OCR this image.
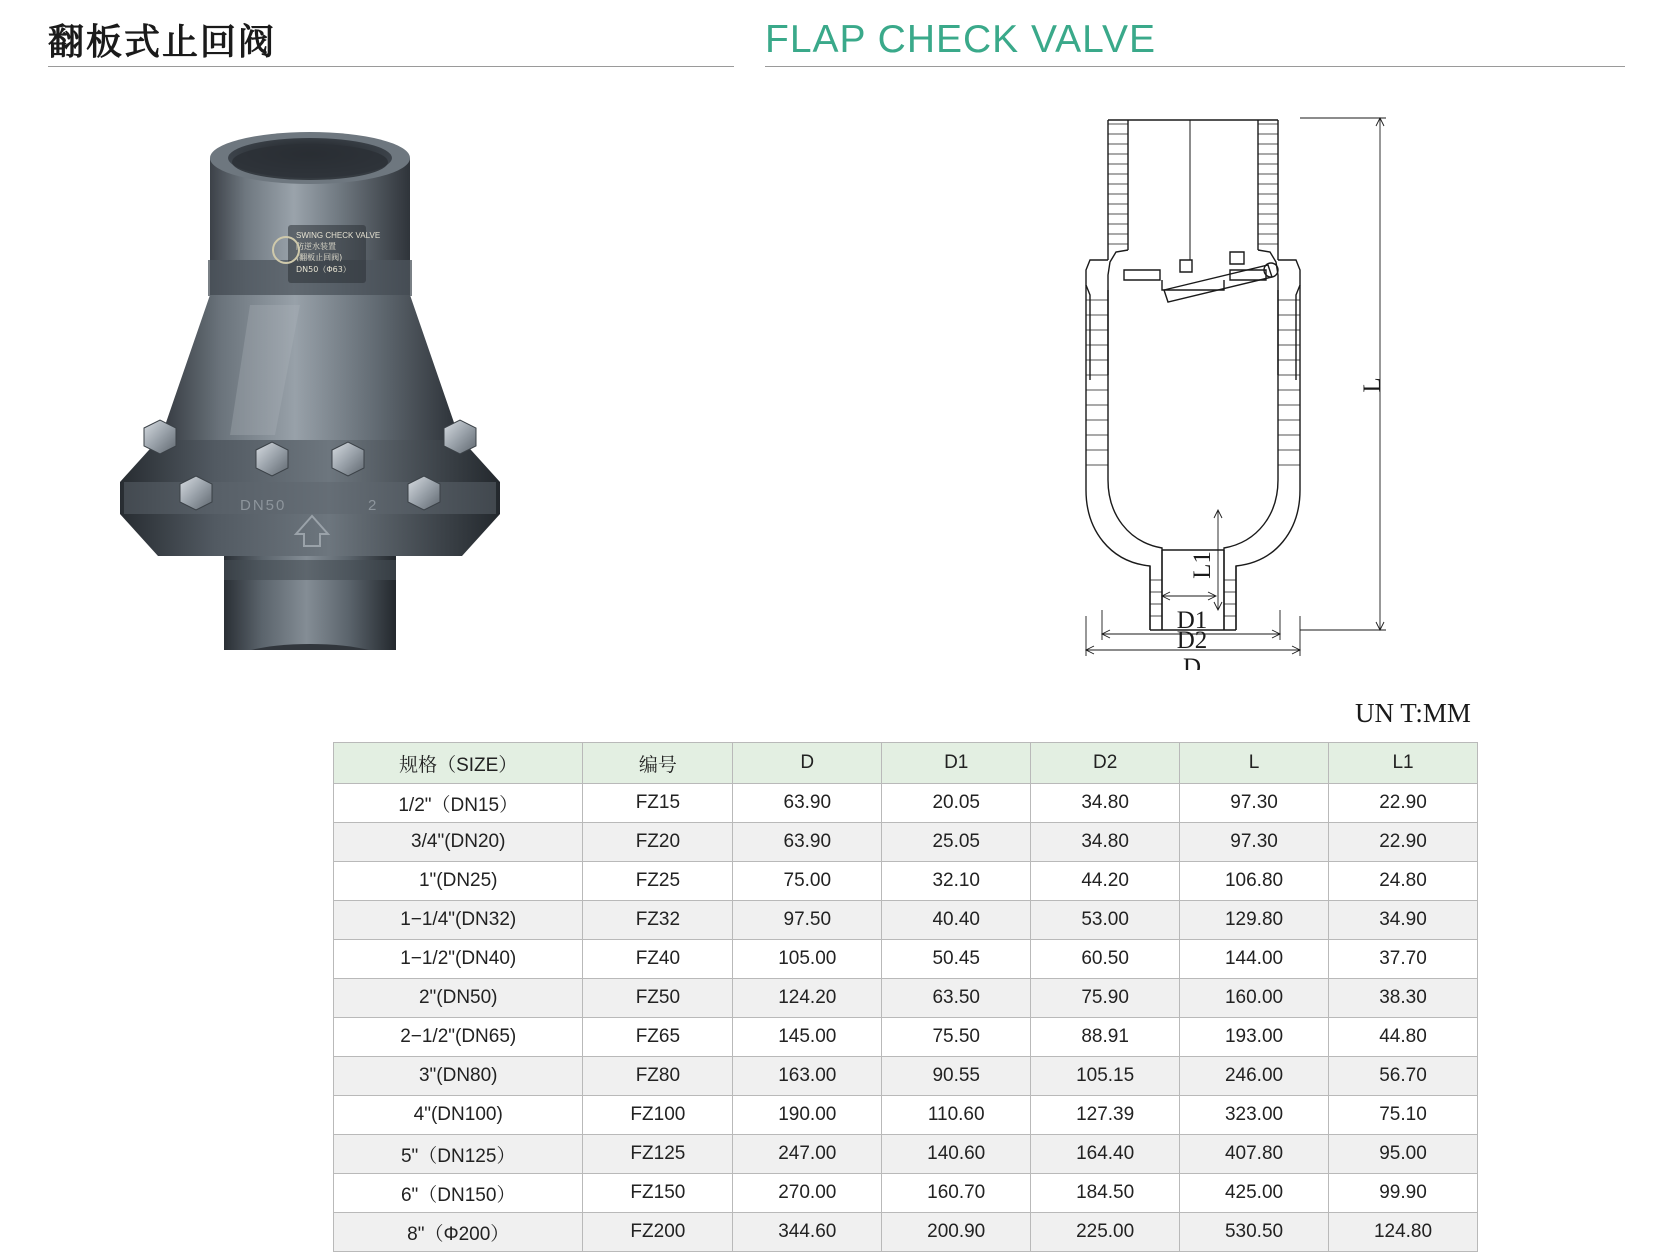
翻板式止回阀	FLAP CHECK VALVE
SWING CHECK VALVE
防逆水装置
(翻板止回阀)
DN50（Φ63）
DN50	2
L
L1
D1
D2
D
UN T:MM
规格（SIZE）	编号	D	D1	D2	L	L1
1/2"（DN15）	FZ15	63.90	20.05	34.80	97.30	22.90
3/4"(DN20)	FZ20	63.90	25.05	34.80	97.30	22.90
1"(DN25)	FZ25	75.00	32.10	44.20	106.80	24.80
1−1/4"(DN32)	FZ32	97.50	40.40	53.00	129.80	34.90
1−1/2"(DN40)	FZ40	105.00	50.45	60.50	144.00	37.70
2"(DN50)	FZ50	124.20	63.50	75.90	160.00	38.30
2−1/2"(DN65)	FZ65	145.00	75.50	88.91	193.00	44.80
3"(DN80)	FZ80	163.00	90.55	105.15	246.00	56.70
4"(DN100)	FZ100	190.00	110.60	127.39	323.00	75.10
5"（DN125）	FZ125	247.00	140.60	164.40	407.80	95.00
6"（DN150）	FZ150	270.00	160.70	184.50	425.00	99.90
8"（Φ200）	FZ200	344.60	200.90	225.00	530.50	124.80
